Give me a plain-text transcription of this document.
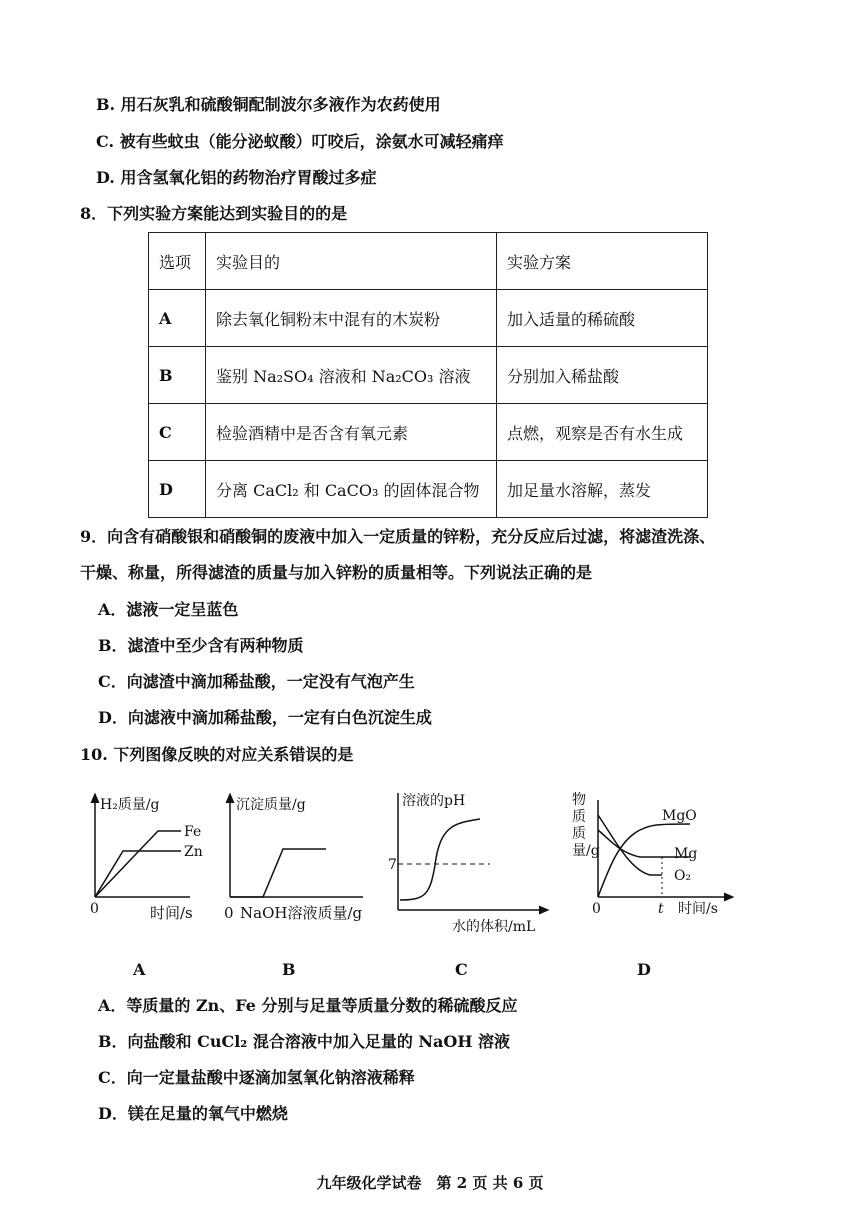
B. 用石灰乳和硫酸铜配制波尔多液作为农药使用
C. 被有些蚊虫（能分泌蚁酸）叮咬后，涂氨水可减轻痛痒
D. 用含氢氧化铝的药物治疗胃酸过多症
8．下列实验方案能达到实验目的的是
选项	实验目的	实验方案
A	除去氧化铜粉末中混有的木炭粉	加入适量的稀硫酸
B	鉴别 Na₂SO₄ 溶液和 Na₂CO₃ 溶液	分别加入稀盐酸
C	检验酒精中是否含有氧元素	点燃，观察是否有水生成
D	分离 CaCl₂ 和 CaCO₃ 的固体混合物	加足量水溶解，蒸发
9．向含有硝酸银和硝酸铜的废液中加入一定质量的锌粉，充分反应后过滤，将滤渣洗涤、
干燥、称量，所得滤渣的质量与加入锌粉的质量相等。下列说法正确的是
A．滤液一定呈蓝色
B．滤渣中至少含有两种物质
C．向滤渣中滴加稀盐酸，一定没有气泡产生
D．向滤液中滴加稀盐酸，一定有白色沉淀生成
10. 下列图像反映的对应关系错误的是
Fe
Zn
H₂质量/g
0	时间/s
A
沉淀质量/g
0 NaOH溶液质量/g
B
溶液的pH
7
水的体积/mL
C
MgO
Mg
O₂
0	t 时间/s
物质质量/g
D
A．等质量的 Zn、Fe 分别与足量等质量分数的稀硫酸反应
B．向盐酸和 CuCl₂ 混合溶液中加入足量的 NaOH 溶液
C．向一定量盐酸中逐滴加氢氧化钠溶液稀释
D．镁在足量的氧气中燃烧
九年级化学试卷　第 2 页 共 6 页
